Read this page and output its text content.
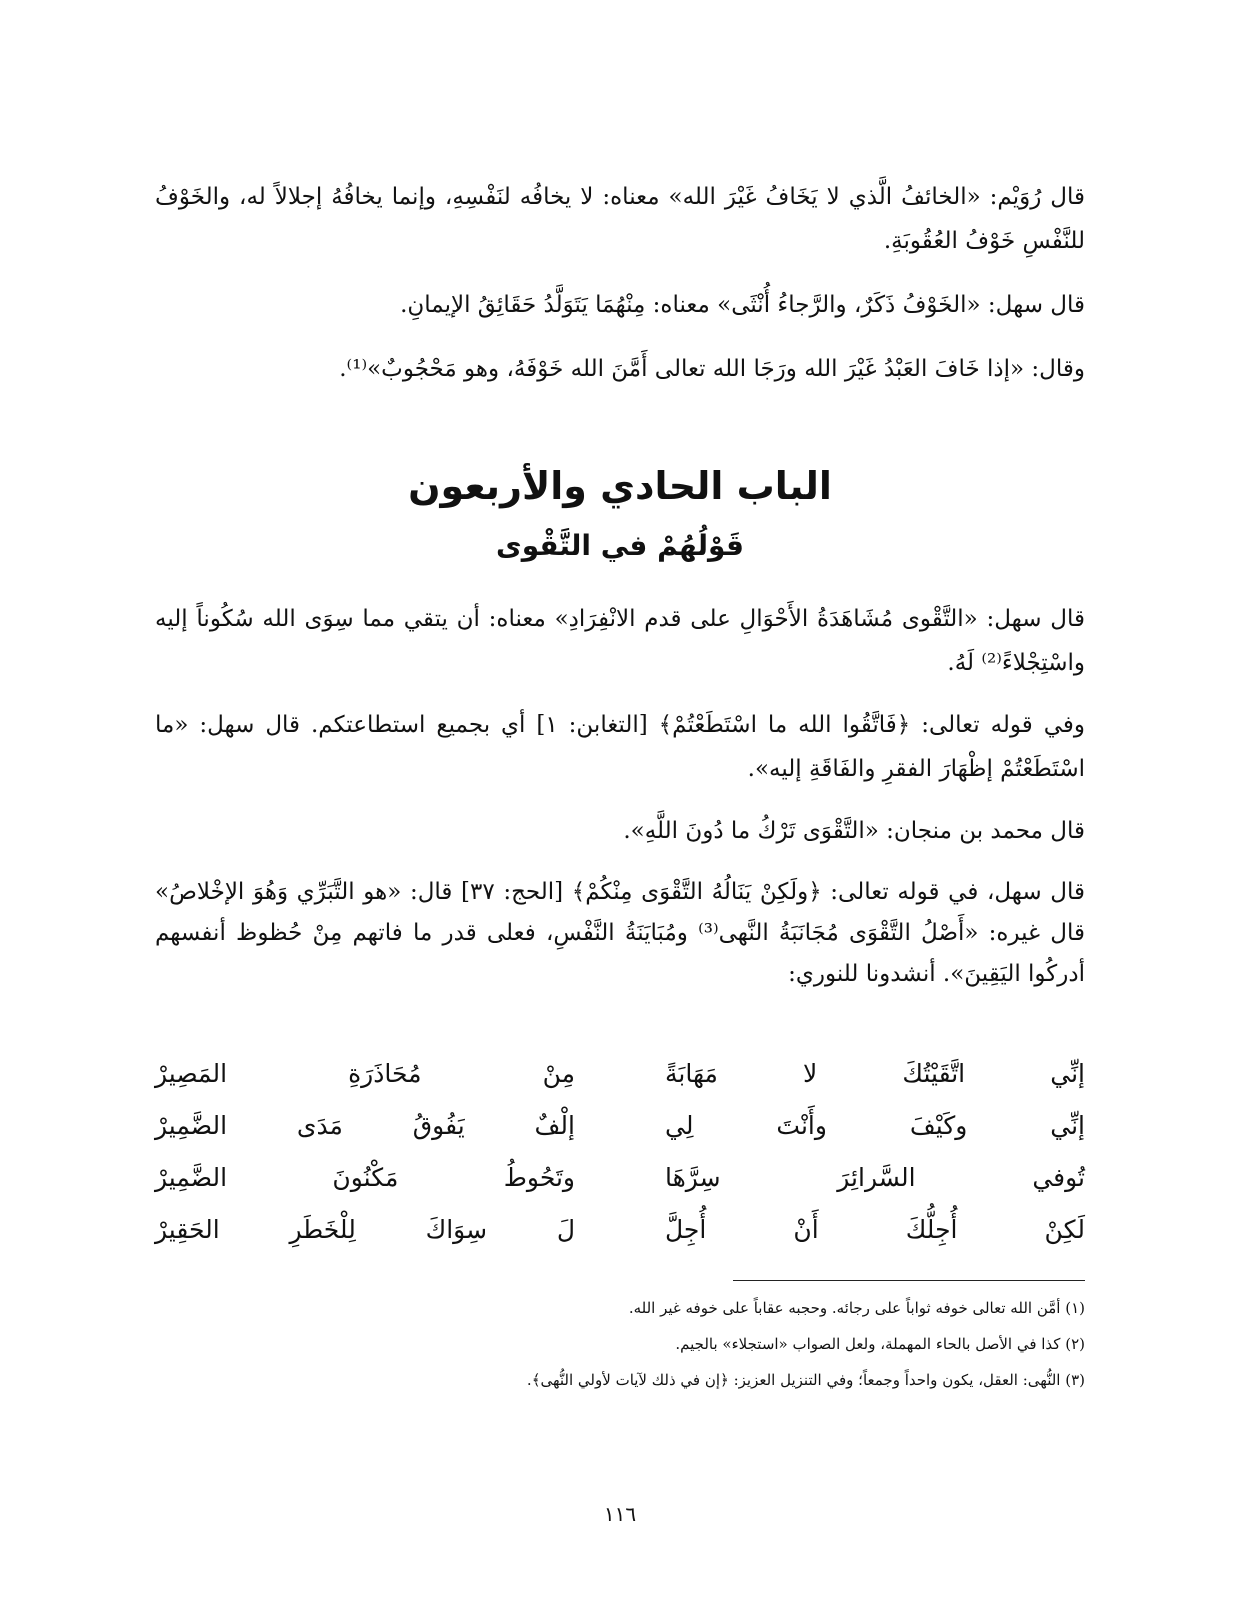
قال رُوَيْم: «الخائفُ الَّذي لا يَخَافُ غَيْرَ الله» معناه: لا يخافُه لنَفْسِهِ، وإنما يخافُهُ إجلالاً له، والخَوْفُ للنَّفْسِ خَوْفُ العُقُوبَةِ.

قال سهل: «الخَوْفُ ذَكَرٌ، والرَّجاءُ أُنْثَى» معناه: مِنْهُمَا يَتَوَلَّدُ حَقَائِقُ الإيمانِ.

وقال: «إذا خَافَ العَبْدُ غَيْرَ الله ورَجَا الله تعالى أَمَّنَ الله خَوْفَهُ، وهو مَحْجُوبٌ»⁽¹⁾.

الباب الحادي والأربعون
قَوْلُهُمْ في التَّقْوى

قال سهل: «التَّقْوى مُشَاهَدَةُ الأَحْوَالِ على قدم الانْفِرَادِ» معناه: أن يتقي مما سِوَى الله سُكُوناً إليه واسْتِجْلاءً⁽²⁾ لَهُ.

وفي قوله تعالى: ﴿فَاتَّقُوا الله ما اسْتَطَعْتُمْ﴾ [التغابن: ١] أي بجميع استطاعتكم. قال سهل: «ما اسْتَطَعْتُمْ إظْهَارَ الفقرِ والفَاقَةِ إليه».

قال محمد بن منجان: «التَّقْوَى تَرْكُ ما دُونَ اللَّهِ».

قال سهل، في قوله تعالى: ﴿ولَكِنْ يَنَالُهُ التَّقْوَى مِنْكُمْ﴾ [الحج: ٣٧] قال: «هو التَّبَرِّي وَهُوَ الإخْلاصُ» قال غيره: «أَصْلُ التَّقْوَى مُجَانَبَةُ النَّهى⁽³⁾ ومُبَايَنَةُ النَّفْسِ، فعلى قدر ما فاتهم مِنْ حُظوظ أنفسهم أدركُوا اليَقِينَ». أنشدونا للنوري:

إنِّي اتَّقَيْتُكَ لا مَهَابَةً
مِنْ مُحَاذَرَةِ المَصِيرْ
إنِّي وكَيْفَ وأَنْتَ لِي
إلْفٌ يَفُوقُ مَدَى الضَّمِيرْ
تُوفي السَّرائِرَ سِرَّهَا
وتَحُوطُ مَكْنُونَ الضَّمِيرْ
لَكِنْ أُجِلُّكَ أَنْ أُجِلَّ
لَ سِوَاكَ لِلْخَطَرِ الحَقِيرْ

(١) أمَّن الله تعالى خوفه ثواباً على رجائه. وحجبه عقاباً على خوفه غير الله.

(٢) كذا في الأصل بالحاء المهملة، ولعل الصواب «استجلاء» بالجيم.

(٣) النُّهى: العقل، يكون واحداً وجمعاً؛ وفي التنزيل العزيز: ﴿إن في ذلك لآيات لأولي النُّهى﴾.

١١٦
